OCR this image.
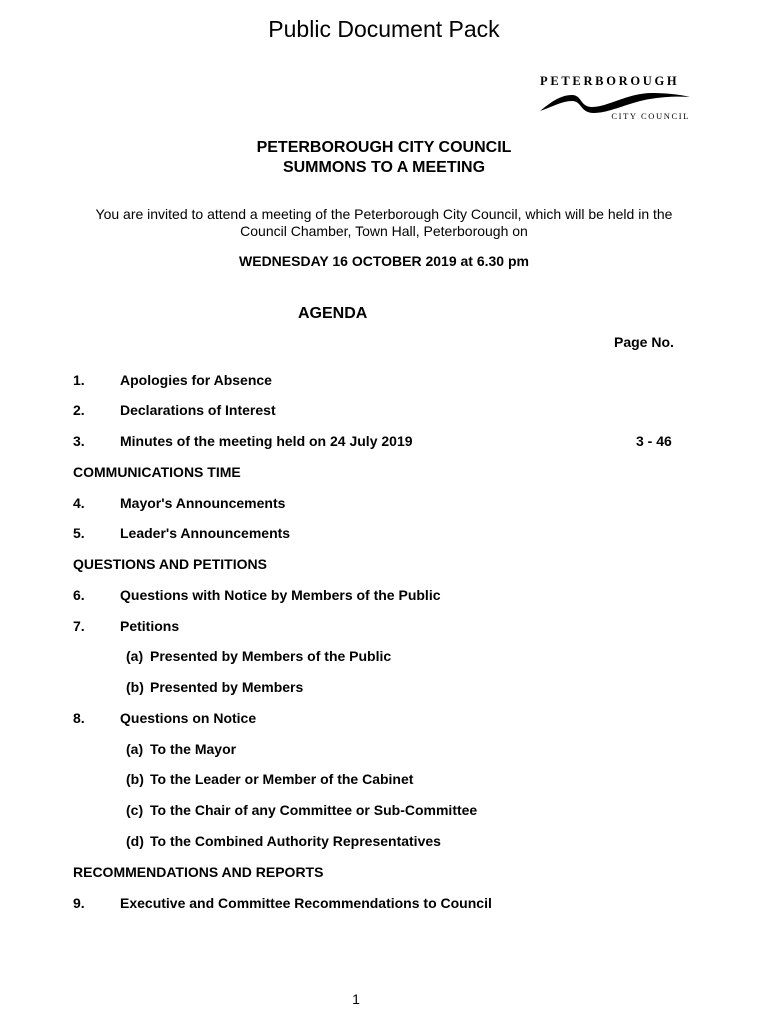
Public Document Pack
PETERBOROUGH
CITY COUNCIL
PETERBOROUGH CITY COUNCIL
SUMMONS TO A MEETING
You are invited to attend a meeting of the Peterborough City Council, which will be held in the
Council Chamber, Town Hall, Peterborough on
WEDNESDAY 16 OCTOBER 2019 at 6.30 pm
AGENDA
Page No.
1.	Apologies for Absence
2.	Declarations of Interest
3.	Minutes of the meeting held on 24 July 2019	3 - 46
COMMUNICATIONS TIME
4.	Mayor's Announcements
5.	Leader's Announcements
QUESTIONS AND PETITIONS
6.	Questions with Notice by Members of the Public
7.	Petitions
(a) Presented by Members of the Public
(b) Presented by Members
8.	Questions on Notice
(a) To the Mayor
(b) To the Leader or Member of the Cabinet
(c) To the Chair of any Committee or Sub-Committee
(d) To the Combined Authority Representatives
RECOMMENDATIONS AND REPORTS
9.	Executive and Committee Recommendations to Council
1
